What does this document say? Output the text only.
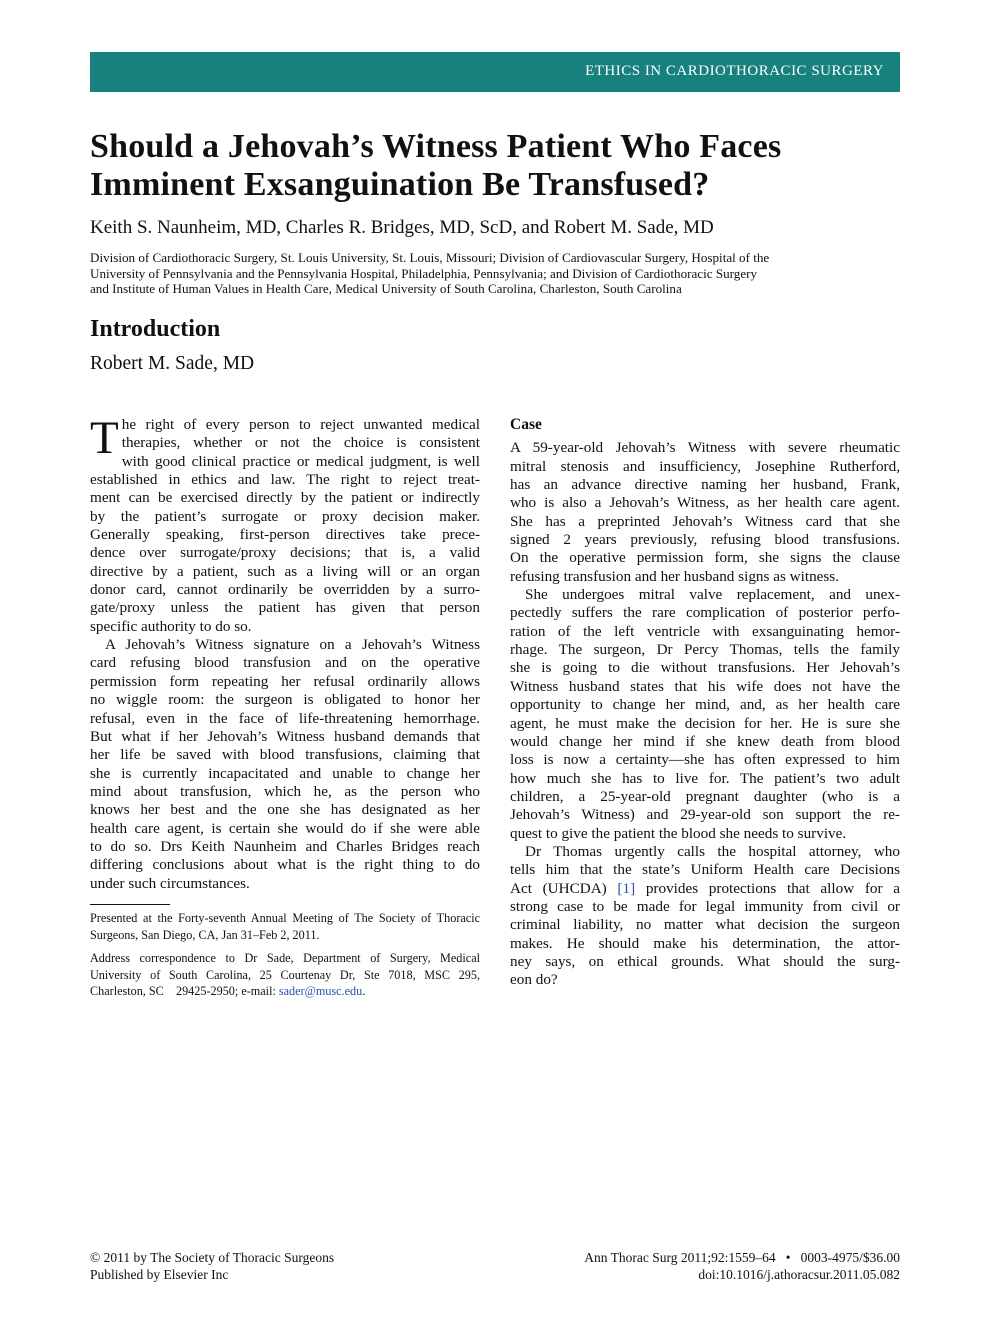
ETHICS IN CARDIOTHORACIC SURGERY
Should a Jehovah’s Witness Patient Who Faces
Imminent Exsanguination Be Transfused?
Keith S. Naunheim, MD, Charles R. Bridges, MD, ScD, and Robert M. Sade, MD
Division of Cardiothoracic Surgery, St. Louis University, St. Louis, Missouri; Division of Cardiovascular Surgery, Hospital of the
University of Pennsylvania and the Pennsylvania Hospital, Philadelphia, Pennsylvania; and Division of Cardiothoracic Surgery
and Institute of Human Values in Health Care, Medical University of South Carolina, Charleston, South Carolina
Introduction
Robert M. Sade, MD
T he right of every person to reject unwanted medical
therapies, whether or not the choice is consistent
with good clinical practice or medical judgment, is well
established in ethics and law. The right to reject treat-
ment can be exercised directly by the patient or indirectly
by the patient’s surrogate or proxy decision maker.
Generally speaking, first-person directives take prece-
dence over surrogate/proxy decisions; that is, a valid
directive by a patient, such as a living will or an organ
donor card, cannot ordinarily be overridden by a surro-
gate/proxy unless the patient has given that person
specific authority to do so.
A Jehovah’s Witness signature on a Jehovah’s Witness
card refusing blood transfusion and on the operative
permission form repeating her refusal ordinarily allows
no wiggle room: the surgeon is obligated to honor her
refusal, even in the face of life-threatening hemorrhage.
But what if her Jehovah’s Witness husband demands that
her life be saved with blood transfusions, claiming that
she is currently incapacitated and unable to change her
mind about transfusion, which he, as the person who
knows her best and the one she has designated as her
health care agent, is certain she would do if she were able
to do so. Drs Keith Naunheim and Charles Bridges reach
differing conclusions about what is the right thing to do
under such circumstances.
Case
A 59-year-old Jehovah’s Witness with severe rheumatic
mitral stenosis and insufficiency, Josephine Rutherford,
has an advance directive naming her husband, Frank,
who is also a Jehovah’s Witness, as her health care agent.
She has a preprinted Jehovah’s Witness card that she
signed 2 years previously, refusing blood transfusions.
On the operative permission form, she signs the clause
refusing transfusion and her husband signs as witness.
She undergoes mitral valve replacement, and unex-
pectedly suffers the rare complication of posterior perfo-
ration of the left ventricle with exsanguinating hemor-
rhage. The surgeon, Dr Percy Thomas, tells the family
she is going to die without transfusions. Her Jehovah’s
Witness husband states that his wife does not have the
opportunity to change her mind, and, as her health care
agent, he must make the decision for her. He is sure she
would change her mind if she knew death from blood
loss is now a certainty—she has often expressed to him
how much she has to live for. The patient’s two adult
children, a 25-year-old pregnant daughter (who is a
Jehovah’s Witness) and 29-year-old son support the re-
quest to give the patient the blood she needs to survive.
Dr Thomas urgently calls the hospital attorney, who
tells him that the state’s Uniform Health care Decisions
Act (UHCDA) [1] provides protections that allow for a
strong case to be made for legal immunity from civil or
criminal liability, no matter what decision the surgeon
makes. He should make his determination, the attor-
ney says, on ethical grounds. What should the surg-
eon do?
Presented at the Forty-seventh Annual Meeting of The Society of Thoracic
Surgeons, San Diego, CA, Jan 31–Feb 2, 2011.
Address correspondence to Dr Sade, Department of Surgery, Medical
University of South Carolina, 25 Courtenay Dr, Ste 7018, MSC 295,
Charleston, SC    29425-2950; e-mail: sader@musc.edu.
© 2011 by The Society of Thoracic Surgeons
Published by Elsevier Inc
Ann Thorac Surg 2011;92:1559–64   •   0003-4975/$36.00
doi:10.1016/j.athoracsur.2011.05.082
